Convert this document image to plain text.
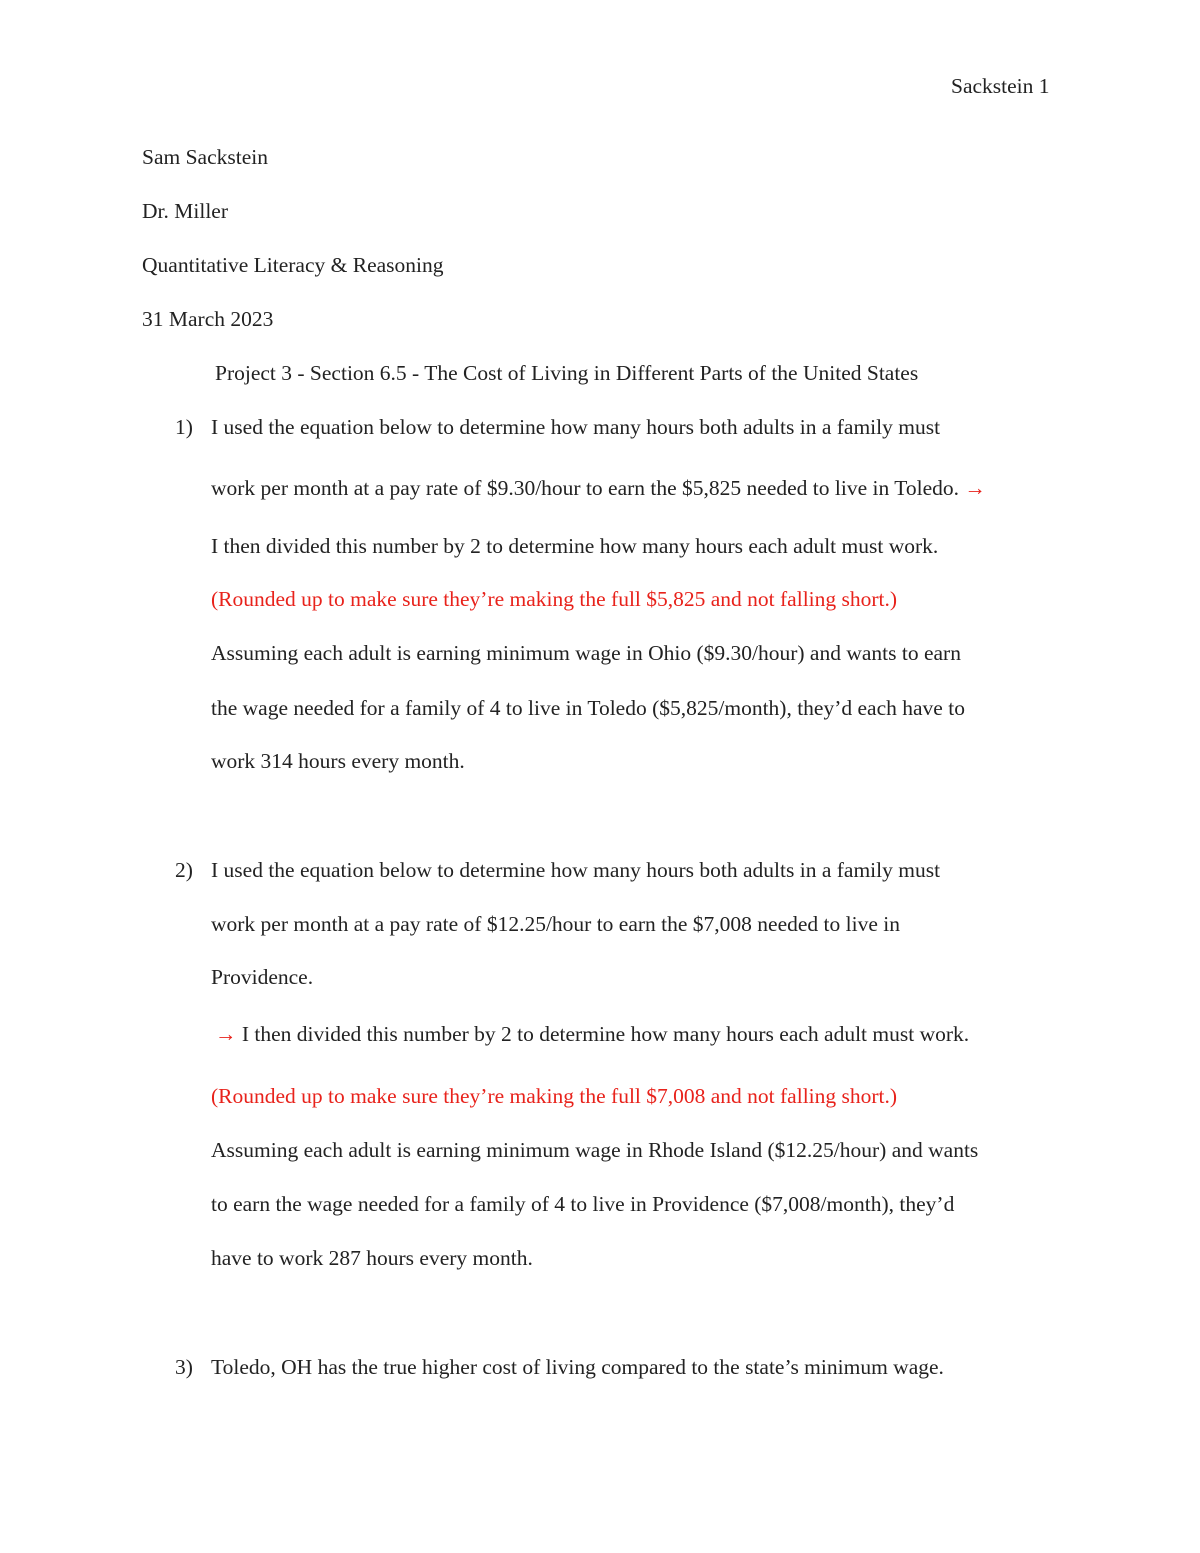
Sackstein 1
Sam Sackstein
Dr. Miller
Quantitative Literacy & Reasoning
31 March 2023
Project 3 - Section 6.5 - The Cost of Living in Different Parts of the United States
1) I used the equation below to determine how many hours both adults in a family must
work per month at a pay rate of $9.30/hour to earn the $5,825 needed to live in Toledo. →
I then divided this number by 2 to determine how many hours each adult must work.
(Rounded up to make sure they’re making the full $5,825 and not falling short.)
Assuming each adult is earning minimum wage in Ohio ($9.30/hour) and wants to earn
the wage needed for a family of 4 to live in Toledo ($5,825/month), they’d each have to
work 314 hours every month.
2) I used the equation below to determine how many hours both adults in a family must
work per month at a pay rate of $12.25/hour to earn the $7,008 needed to live in
Providence.
→ I then divided this number by 2 to determine how many hours each adult must work.
(Rounded up to make sure they’re making the full $7,008 and not falling short.)
Assuming each adult is earning minimum wage in Rhode Island ($12.25/hour) and wants
to earn the wage needed for a family of 4 to live in Providence ($7,008/month), they’d
have to work 287 hours every month.
3) Toledo, OH has the true higher cost of living compared to the state’s minimum wage.
